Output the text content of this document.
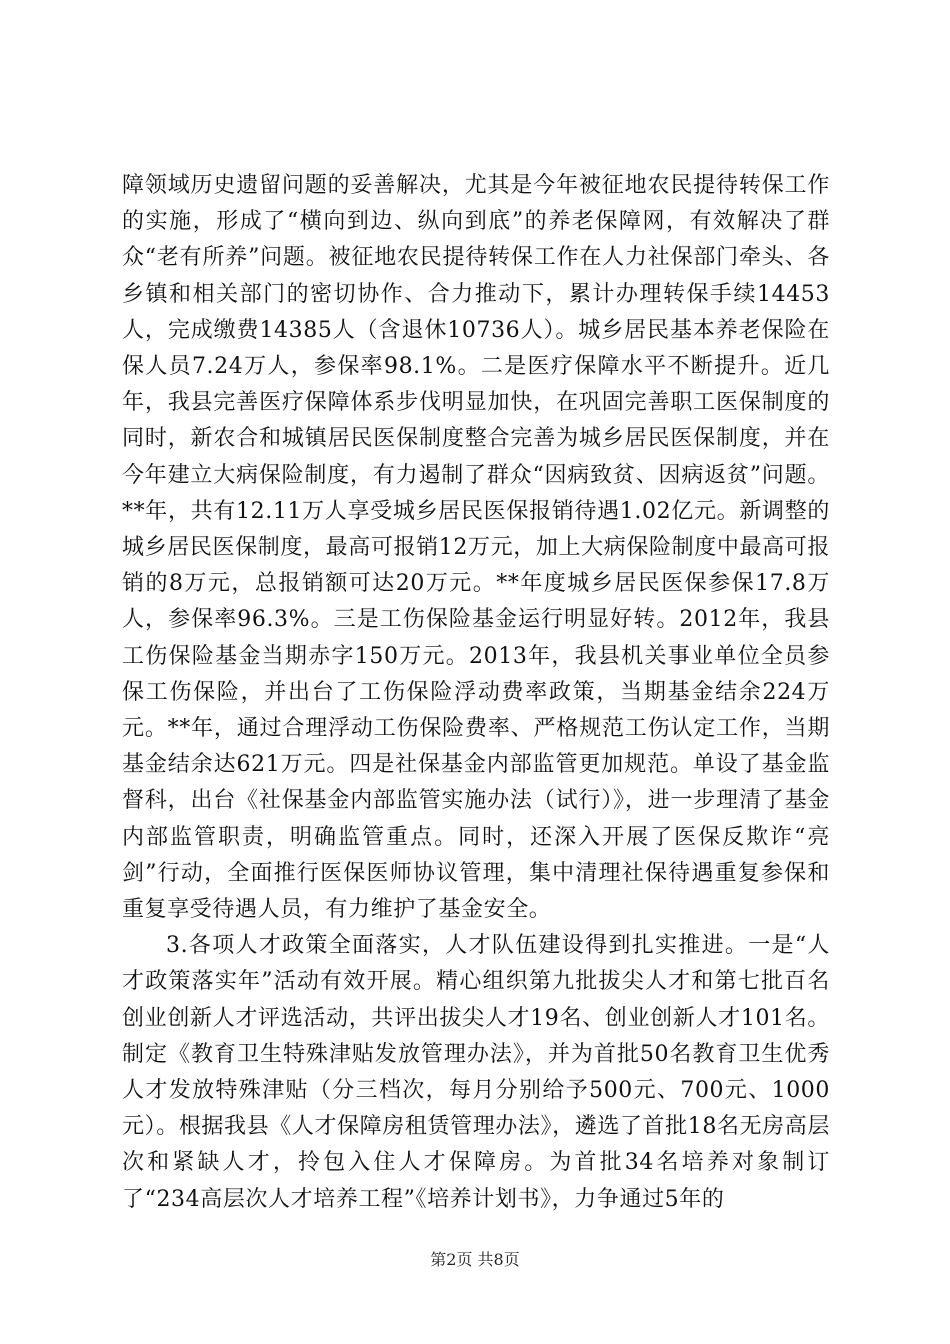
障领域历史遗留问题的妥善解决，尤其是今年被征地农民提待转保工作的实施，形成了“横向到边、纵向到底”的养老保障网，有效解决了群众“老有所养”问题。被征地农民提待转保工作在人力社保部门牵头、各乡镇和相关部门的密切协作、合力推动下，累计办理转保手续14453人，完成缴费14385人（含退休10736人）。城乡居民基本养老保险在保人员7.24万人，参保率98.1%。二是医疗保障水平不断提升。近几年，我县完善医疗保障体系步伐明显加快，在巩固完善职工医保制度的同时，新农合和城镇居民医保制度整合完善为城乡居民医保制度，并在今年建立大病保险制度，有力遏制了群众“因病致贫、因病返贫”问题。**年，共有12.11万人享受城乡居民医保报销待遇1.02亿元。新调整的城乡居民医保制度，最高可报销12万元，加上大病保险制度中最高可报销的8万元，总报销额可达20万元。**年度城乡居民医保参保17.8万人，参保率96.3%。三是工伤保险基金运行明显好转。2012年，我县工伤保险基金当期赤字150万元。2013年，我县机关事业单位全员参保工伤保险，并出台了工伤保险浮动费率政策，当期基金结余224万元。**年，通过合理浮动工伤保险费率、严格规范工伤认定工作，当期基金结余达621万元。四是社保基金内部监管更加规范。单设了基金监督科，出台《社保基金内部监管实施办法（试行）》，进一步理清了基金内部监管职责，明确监管重点。同时，还深入开展了医保反欺诈“亮剑”行动，全面推行医保医师协议管理，集中清理社保待遇重复参保和重复享受待遇人员，有力维护了基金安全。

3.各项人才政策全面落实，人才队伍建设得到扎实推进。一是“人才政策落实年”活动有效开展。精心组织第九批拔尖人才和第七批百名创业创新人才评选活动，共评出拔尖人才19名、创业创新人才101名。制定《教育卫生特殊津贴发放管理办法》，并为首批50名教育卫生优秀人才发放特殊津贴（分三档次，每月分别给予500元、700元、1000元）。根据我县《人才保障房租赁管理办法》，遴选了首批18名无房高层次和紧缺人才，拎包入住人才保障房。为首批34名培养对象制订了“234高层次人才培养工程”《培养计划书》，力争通过5年的

第2页 共8页
